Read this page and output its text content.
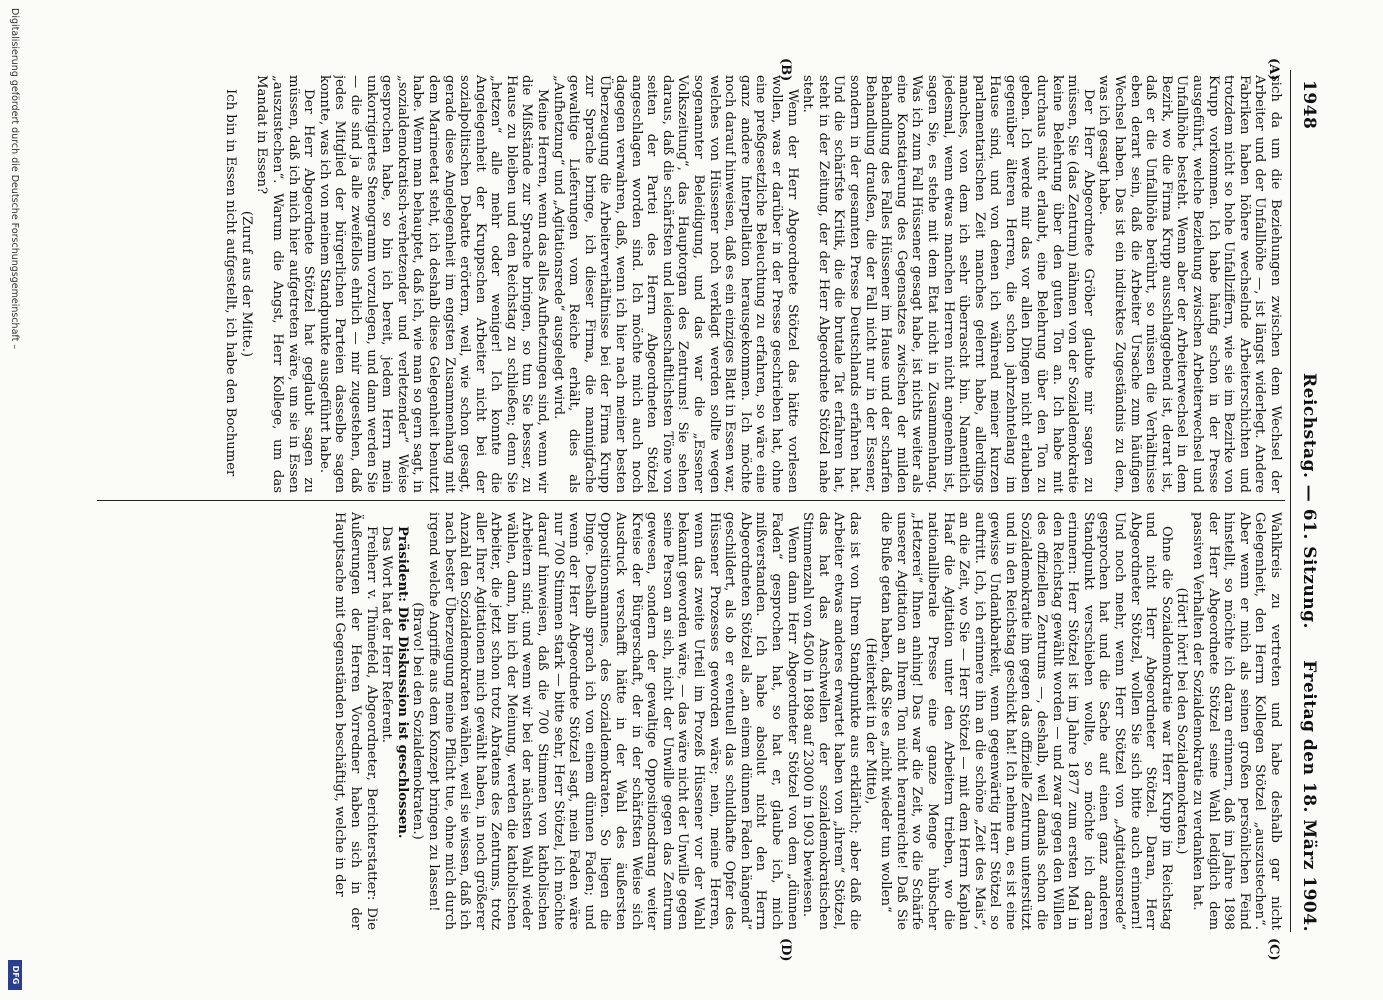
1948
Reichstag. — 61. Sitzung.
Freitag den 18. März 1904.
(A)
(B)
(C)
(D)

sich da um die Beziehungen zwischen dem Wechsel der Arbeiter und der Unfallhöhe —, ist längst widerlegt. Andere Fabriken haben höhere wechselnde Arbeiterschichten und trotzdem nicht so hohe Unfallziffern, wie sie im Bezirke von Krupp vorkommen. Ich habe häufig schon in der Presse ausgeführt, welche Beziehung zwischen Arbeiterwechsel und Unfallhöhe besteht. Wenn aber der Arbeiterwechsel in dem Bezirk, wo die Firma Krupp ausschlaggebend ist, derart ist, daß er die Unfallhöhe berührt, so müssen die Verhältnisse eben derart sein, daß die Arbeiter Ursache zum häufigen Wechsel haben. Das ist ein indirektes Zugeständnis zu dem, was ich gesagt habe.

Der Herr Abgeordnete Gröber glaubte mir sagen zu müssen, Sie (das Zentrum) nähmen von der Sozialdemokratie keine Belehrung über den guten Ton an. Ich habe mit durchaus nicht erlaubt, eine Belehrung über den Ton zu geben. Ich werde mir das vor allen Dingen nicht erlauben gegenüber älteren Herren, die schon jahrzehntelang im Hause sind, und von denen ich während meiner kurzen parlamentarischen Zeit manches gelernt habe, allerdings manches, von dem ich sehr überrascht bin. Namentlich jedesmal, wenn etwas manchen Herren nicht angenehm ist, sagen Sie, es stehe mit dem Etat nicht in Zusammenhang. Was ich zum Fall Hüssener gesagt habe, ist nichts weiter als eine Konstatierung des Gegensatzes zwischen der milden Behandlung des Falles Hüssener im Hause und der scharfen Behandlung draußen, die der Fall nicht nur in der Essener, sondern in der gesamten Presse Deutschlands erfahren hat. Und die schärfste Kritik, die die brutale Tat erfahren hat, steht in der Zeitung, der der Herr Abgeordnete Stötzel nahe steht.

Wenn der Herr Abgeordnete Stötzel das hätte vorlesen wollen, was er darüber in der Presse geschrieben hat, ohne eine preßgesetzliche Beleuchtung zu erfahren, so wäre eine ganz andere Interpellation herausgekommen. Ich möchte noch darauf hinweisen, daß es ein einziges Blatt in Essen war, welches von Hüssener noch verklagt werden sollte wegen sogenannter Beleidigung, und das war die „Essener Volkszeitung“, das Hauptorgan des Zentrums! Sie sehen daraus, daß die schärfsten und leidenschaftlichsten Töne von seiten der Partei des Herrn Abgeordneten Stötzel angeschlagen worden sind. Ich möchte mich auch noch dagegen verwahren, daß, wenn ich hier nach meiner besten Überzeugung die Arbeiterverhältnisse bei der Firma Krupp zur Sprache bringe, ich dieser Firma, die mannigfache gewaltige Lieferungen vom Reiche erhält, dies als „Aufhetzung“ und „Agitationsrede“ ausgelegt wird.

Meine Herren, wenn das alles Aufhetzungen sind, wenn wir die Mißstände zur Sprache bringen, so tun Sie besser, zu Hause zu bleiben und den Reichstag zu schließen; denn Sie „hetzen“ alle mehr oder weniger! Ich konnte die Angelegenheit der Kruppschen Arbeiter nicht bei der sozialpolitischen Debatte erörtern, weil, wie schon gesagt, gerade diese Angelegenheit im engsten Zusammenhang mit dem Marineetat steht, ich deshalb diese Gelegenheit benutzt habe. Wenn man behauptet, daß ich, wie man so gern sagt, in „sozialdemokratisch-verhetzender und verletzender“ Weise gesprochen habe, so bin ich bereit, jedem Herrn mein unkorrigiertes Stenogramm vorzulegen, und dann werden Sie — die sind ja alle zweifellos ehrlich — mir zugestehen, daß jedes Mitglied der bürgerlichen Parteien dasselbe sagen konnte, was ich von meinem Standpunkte ausgeführt habe.

Der Herr Abgeordnete Stötzel hat geglaubt sagen zu müssen, daß ich mich hier aufgetreten wäre, um sie in Essen „auszustechen“. Warum die Angst, Herr Kollege, um das Mandat in Essen?

(Zuruf aus der Mitte.)

Ich bin in Essen nicht aufgestellt, ich habe den Bochumer

Wahlkreis zu vertreten und habe deshalb gar nicht Gelegenheit, den Herrn Kollegen Stötzel „auszustechen“. Aber wenn er mich als seinen großen persönlichen Feind hinstellt, so möchte ich daran erinnern, daß im Jahre 1898 der Herr Abgeordnete Stötzel seine Wahl lediglich dem passiven Verhalten der Sozialdemokratie zu verdanken hat.

(Hört! hört! bei den Sozialdemokraten.)

Ohne die Sozialdemokratie war Herr Krupp im Reichstag und nicht Herr Abgeordneter Stötzel. Daran, Herr Abgeordneter Stötzel, wollen Sie sich bitte auch erinnern! Und noch mehr, wenn Herr Stötzel von „Agitationsrede“ gesprochen hat und die Sache auf einen ganz anderen Standpunkt verschieben wollte, so möchte ich daran erinnern: Herr Stötzel ist im Jahre 1877 zum ersten Mal in den Reichstag gewählt worden — und zwar gegen den Willen des offiziellen Zentrums —, deshalb, weil damals schon die Sozialdemokratie ihn gegen das offizielle Zentrum unterstützt und in den Reichstag geschickt hat! Ich nehme an, es ist eine gewisse Undankbarkeit, wenn gegenwärtig Herr Stötzel so auftritt. Ich, ich erinnere ihn an die schöne „Zeit des Mais“, an die Zeit, wo Sie — Herr Stötzel — mit dem Herrn Kaplan Haaf die Agitation unter den Arbeitern trieben, wo die nationalliberale Presse eine ganze Menge hübscher „Hetzerei“ Ihnen anhing! Das war die Zeit, wo die Schärfe unserer Agitation an Ihrem Ton nicht heranreichte! Daß Sie die Buße getan haben, daß Sie es „nicht wieder tun wollen“

(Heiterkeit in der Mitte),

das ist von Ihrem Standpunkte aus erklärlich; aber daß die Arbeiter etwas anderes erwartet haben von „ihrem“ Stötzel, das hat das Anschwellen der sozialdemokratischen Stimmenzahl von 4500 in 1898 auf 23000 in 1903 bewiesen.

Wenn dann Herr Abgeordneter Stötzel von dem „dünnen Faden“ gesprochen hat, so hat er, glaube ich, mich mißverstanden. Ich habe absolut nicht den Herrn Abgeordneten Stötzel als „an einem dünnen Faden hängend“ geschildert, als ob er eventuell das schuldhafte Opfer des Hüssener Prozesses geworden wäre; nein, meine Herren, wenn das zweite Urteil im Prozeß Hüssener vor der Wahl bekannt geworden wäre, — das wäre nicht der Unwille gegen seine Person an sich, nicht der Unwille gegen das Zentrum gewesen, sondern der gewaltige Oppositionsdrang weiter Kreise der Bürgerschaft, der in der schärfsten Weise sich Ausdruck verschafft hätte in der Wahl des äußersten Oppositionsmannes, des Sozialdemokraten. So liegen die Dinge. Deshalb sprach ich von einem dünnen Faden; und wenn der Herr Abgeordnete Stötzel sagt, mein Faden wäre nur 700 Stimmen stark — bitte sehr, Herr Stötzel, ich möchte darauf hinweisen, daß die 700 Stimmen von katholischen Arbeitern sind; und wenn wir bei der nächsten Wahl wieder wählen, dann, bin ich der Meinung, werden die katholischen Arbeiter, die jetzt schon trotz Abratens des Zentrums, trotz aller Ihrer Agitationen mich gewählt haben, in noch größerer Anzahl den Sozialdemokraten wählen, weil sie wissen, daß ich nach bester Überzeugung meine Pflicht tue, ohne mich durch irgend welche Angriffe aus dem Konzept bringen zu lassen!

(Bravo! bei den Sozialdemokraten.)

Präsident: Die Diskussion ist geschlossen.

Das Wort hat der Herr Referent.

Freiherr v. Thünefeld, Abgeordneter, Berichterstatter: Die Äußerungen der Herren Vorredner haben sich in der Hauptsache mit Gegenständen beschäftigt, welche in der

Digitalisierung gefördert durch die Deutsche Forschungsgemeinschaft –
DFG
